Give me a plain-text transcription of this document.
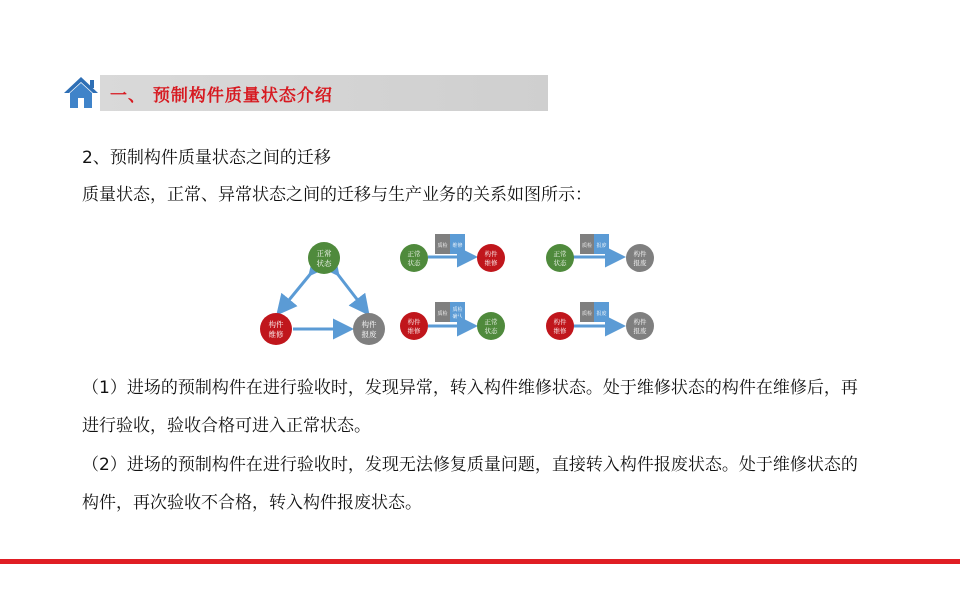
一、 预制构件质量状态介绍
2、预制构件质量状态之间的迁移
质量状态，正常、异常状态之间的迁移与生产业务的关系如图所示：
正常
状态
构件
维修
构件
报废
质检 维修
正常
状态
构件
维修
质检
质检
确认
构件
维修
正常
状态
质检 报废
正常
状态
构件
报废
质检 报废
构件
维修
构件
报废
（1）进场的预制构件在进行验收时，发现异常，转入构件维修状态。处于维修状态的构件在维修后，再进行验收，验收合格可进入正常状态。
（2）进场的预制构件在进行验收时，发现无法修复质量问题，直接转入构件报废状态。处于维修状态的构件，再次验收不合格，转入构件报废状态。
